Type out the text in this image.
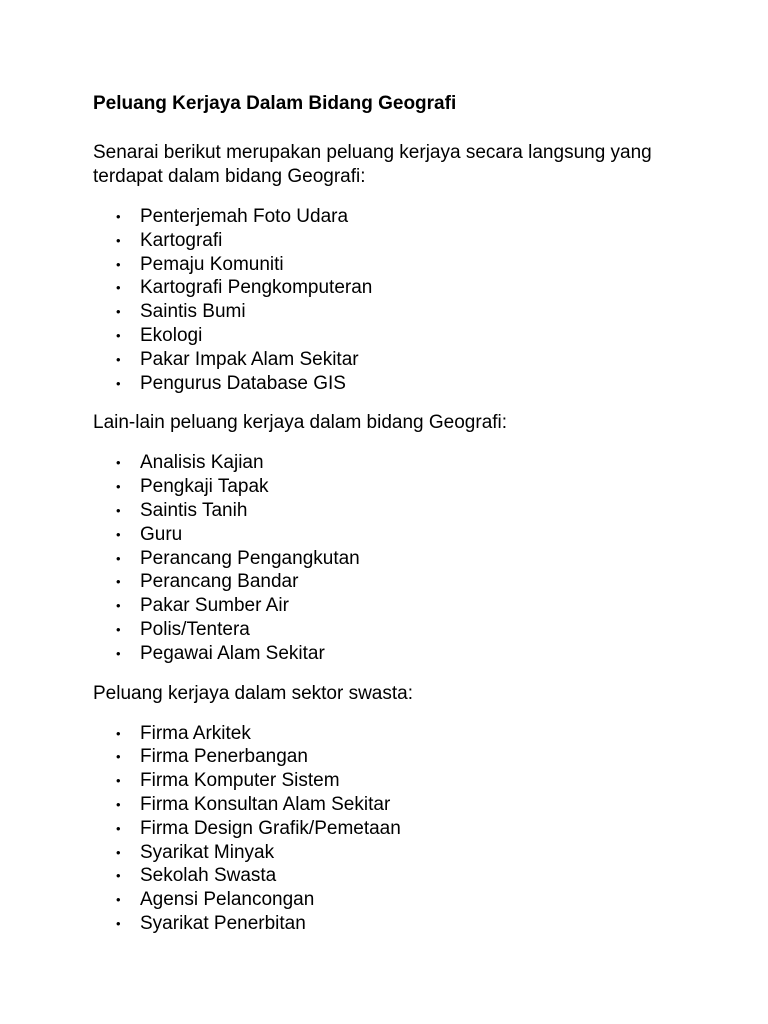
Peluang Kerjaya Dalam Bidang Geografi

Senarai berikut merupakan peluang kerjaya secara langsung yang terdapat dalam bidang Geografi:

• Penterjemah Foto Udara
• Kartografi
• Pemaju Komuniti
• Kartografi Pengkomputeran
• Saintis Bumi
• Ekologi
• Pakar Impak Alam Sekitar
• Pengurus Database GIS

Lain-lain peluang kerjaya dalam bidang Geografi:

• Analisis Kajian
• Pengkaji Tapak
• Saintis Tanih
• Guru
• Perancang Pengangkutan
• Perancang Bandar
• Pakar Sumber Air
• Polis/Tentera
• Pegawai Alam Sekitar

Peluang kerjaya dalam sektor swasta:

• Firma Arkitek
• Firma Penerbangan
• Firma Komputer Sistem
• Firma Konsultan Alam Sekitar
• Firma Design Grafik/Pemetaan
• Syarikat Minyak
• Sekolah Swasta
• Agensi Pelancongan
• Syarikat Penerbitan
